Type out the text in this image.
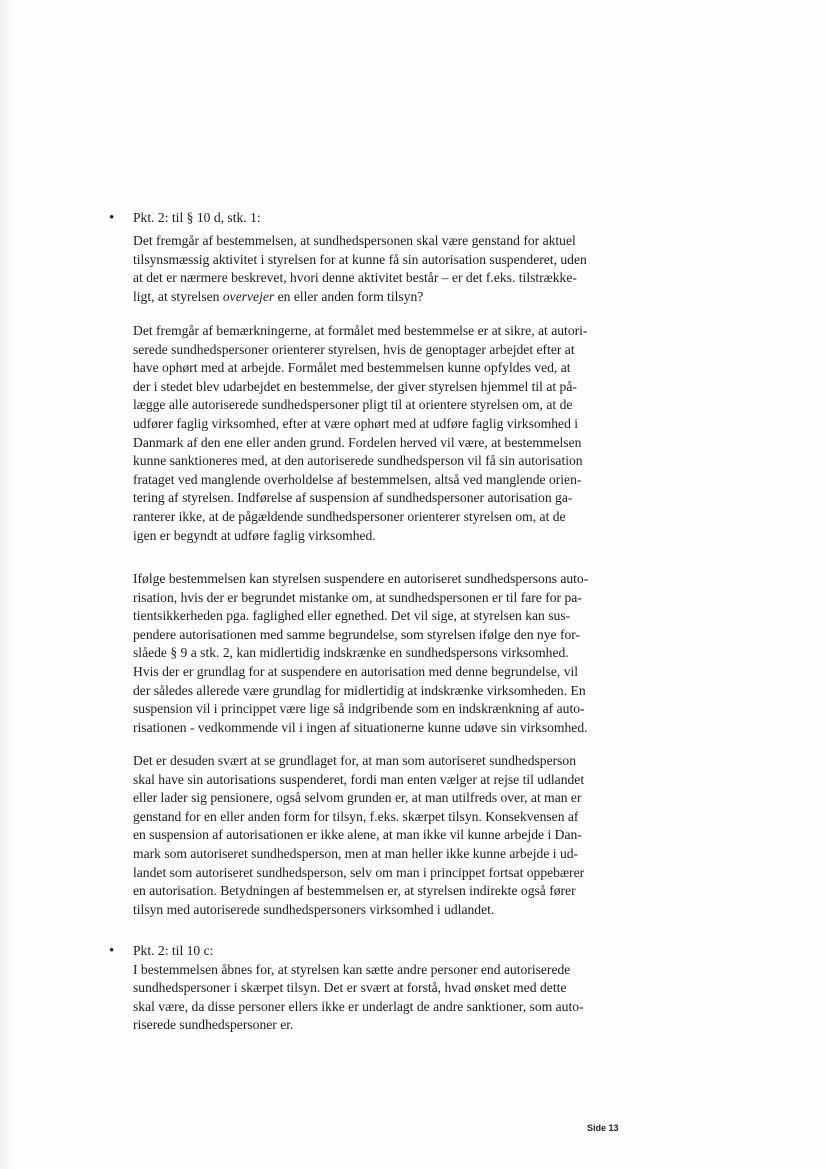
• Pkt. 2: til § 10 d, stk. 1:
Det fremgår af bestemmelsen, at sundhedspersonen skal være genstand for aktuel
tilsynsmæssig aktivitet i styrelsen for at kunne få sin autorisation suspenderet, uden
at det er nærmere beskrevet, hvori denne aktivitet består – er det f.eks. tilstrække-
ligt, at styrelsen overvejer en eller anden form tilsyn?
Det fremgår af bemærkningerne, at formålet med bestemmelse er at sikre, at autori-
serede sundhedspersoner orienterer styrelsen, hvis de genoptager arbejdet efter at
have ophørt med at arbejde. Formålet med bestemmelsen kunne opfyldes ved, at
der i stedet blev udarbejdet en bestemmelse, der giver styrelsen hjemmel til at på-
lægge alle autoriserede sundhedspersoner pligt til at orientere styrelsen om, at de
udfører faglig virksomhed, efter at være ophørt med at udføre faglig virksomhed i
Danmark af den ene eller anden grund. Fordelen herved vil være, at bestemmelsen
kunne sanktioneres med, at den autoriserede sundhedsperson vil få sin autorisation
frataget ved manglende overholdelse af bestemmelsen, altså ved manglende orien-
tering af styrelsen. Indførelse af suspension af sundhedspersoner autorisation ga-
ranterer ikke, at de pågældende sundhedspersoner orienterer styrelsen om, at de
igen er begyndt at udføre faglig virksomhed.
Ifølge bestemmelsen kan styrelsen suspendere en autoriseret sundhedspersons auto-
risation, hvis der er begrundet mistanke om, at sundhedspersonen er til fare for pa-
tientsikkerheden pga. faglighed eller egnethed. Det vil sige, at styrelsen kan sus-
pendere autorisationen med samme begrundelse, som styrelsen ifølge den nye for-
slåede § 9 a stk. 2, kan midlertidig indskrænke en sundhedspersons virksomhed.
Hvis der er grundlag for at suspendere en autorisation med denne begrundelse, vil
der således allerede være grundlag for midlertidig at indskrænke virksomheden. En
suspension vil i princippet være lige så indgribende som en indskrænkning af auto-
risationen - vedkommende vil i ingen af situationerne kunne udøve sin virksomhed.
Det er desuden svært at se grundlaget for, at man som autoriseret sundhedsperson
skal have sin autorisations suspenderet, fordi man enten vælger at rejse til udlandet
eller lader sig pensionere, også selvom grunden er, at man utilfreds over, at man er
genstand for en eller anden form for tilsyn, f.eks. skærpet tilsyn. Konsekvensen af
en suspension af autorisationen er ikke alene, at man ikke vil kunne arbejde i Dan-
mark som autoriseret sundhedsperson, men at man heller ikke kunne arbejde i ud-
landet som autoriseret sundhedsperson, selv om man i princippet fortsat oppebærer
en autorisation. Betydningen af bestemmelsen er, at styrelsen indirekte også fører
tilsyn med autoriserede sundhedspersoners virksomhed i udlandet.
• Pkt. 2: til 10 c:
I bestemmelsen åbnes for, at styrelsen kan sætte andre personer end autoriserede
sundhedspersoner i skærpet tilsyn. Det er svært at forstå, hvad ønsket med dette
skal være, da disse personer ellers ikke er underlagt de andre sanktioner, som auto-
riserede sundhedspersoner er.
Side 13
